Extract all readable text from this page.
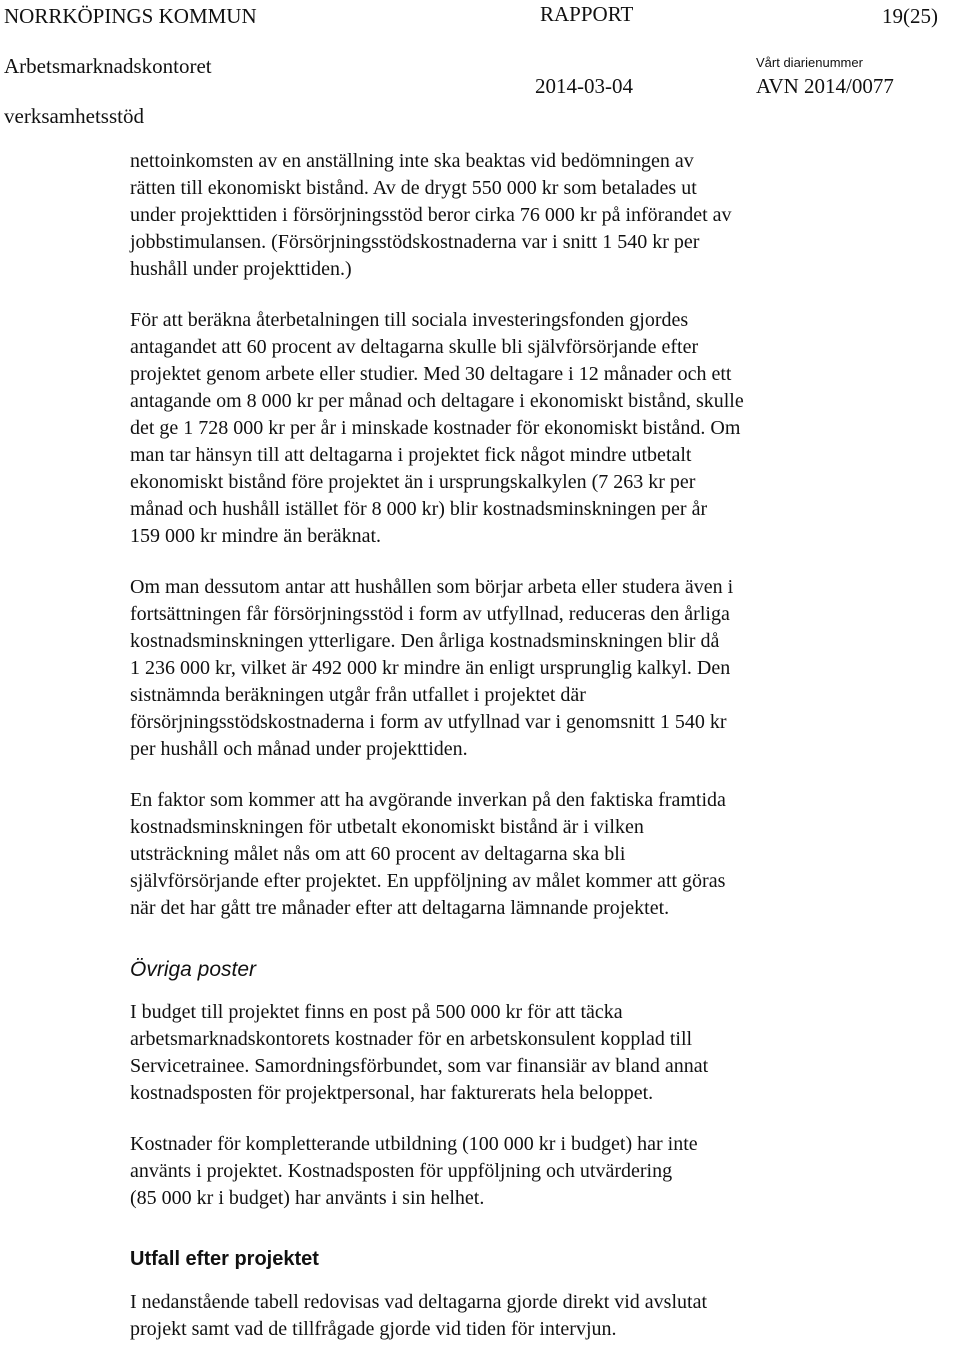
NORRKÖPINGS KOMMUN	RAPPORT	19(25)
Arbetsmarknadskontoret	Vårt diarienummer
2014-03-04	AVN 2014/0077
verksamhetsstöd
nettoinkomsten av en anställning inte ska beaktas vid bedömningen av
rätten till ekonomiskt bistånd. Av de drygt 550 000 kr som betalades ut
under projekttiden i försörjningsstöd beror cirka 76 000 kr på införandet av
jobbstimulansen. (Försörjningsstödskostnaderna var i snitt 1 540 kr per
hushåll under projekttiden.)
För att beräkna återbetalningen till sociala investeringsfonden gjordes
antagandet att 60 procent av deltagarna skulle bli självförsörjande efter
projektet genom arbete eller studier. Med 30 deltagare i 12 månader och ett
antagande om 8 000 kr per månad och deltagare i ekonomiskt bistånd, skulle
det ge 1 728 000 kr per år i minskade kostnader för ekonomiskt bistånd. Om
man tar hänsyn till att deltagarna i projektet fick något mindre utbetalt
ekonomiskt bistånd före projektet än i ursprungskalkylen (7 263 kr per
månad och hushåll istället för 8 000 kr) blir kostnadsminskningen per år
159 000 kr mindre än beräknat.
Om man dessutom antar att hushållen som börjar arbeta eller studera även i
fortsättningen får försörjningsstöd i form av utfyllnad, reduceras den årliga
kostnadsminskningen ytterligare. Den årliga kostnadsminskningen blir då
1 236 000 kr, vilket är 492 000 kr mindre än enligt ursprunglig kalkyl. Den
sistnämnda beräkningen utgår från utfallet i projektet där
försörjningsstödskostnaderna i form av utfyllnad var i genomsnitt 1 540 kr
per hushåll och månad under projekttiden.
En faktor som kommer att ha avgörande inverkan på den faktiska framtida
kostnadsminskningen för utbetalt ekonomiskt bistånd är i vilken
utsträckning målet nås om att 60 procent av deltagarna ska bli
självförsörjande efter projektet. En uppföljning av målet kommer att göras
när det har gått tre månader efter att deltagarna lämnande projektet.
Övriga poster
I budget till projektet finns en post på 500 000 kr för att täcka
arbetsmarknadskontorets kostnader för en arbetskonsulent kopplad till
Servicetrainee. Samordningsförbundet, som var finansiär av bland annat
kostnadsposten för projektpersonal, har fakturerats hela beloppet.
Kostnader för kompletterande utbildning (100 000 kr i budget) har inte
använts i projektet. Kostnadsposten för uppföljning och utvärdering
(85 000 kr i budget) har använts i sin helhet.
Utfall efter projektet
I nedanstående tabell redovisas vad deltagarna gjorde direkt vid avslutat
projekt samt vad de tillfrågade gjorde vid tiden för intervjun.
